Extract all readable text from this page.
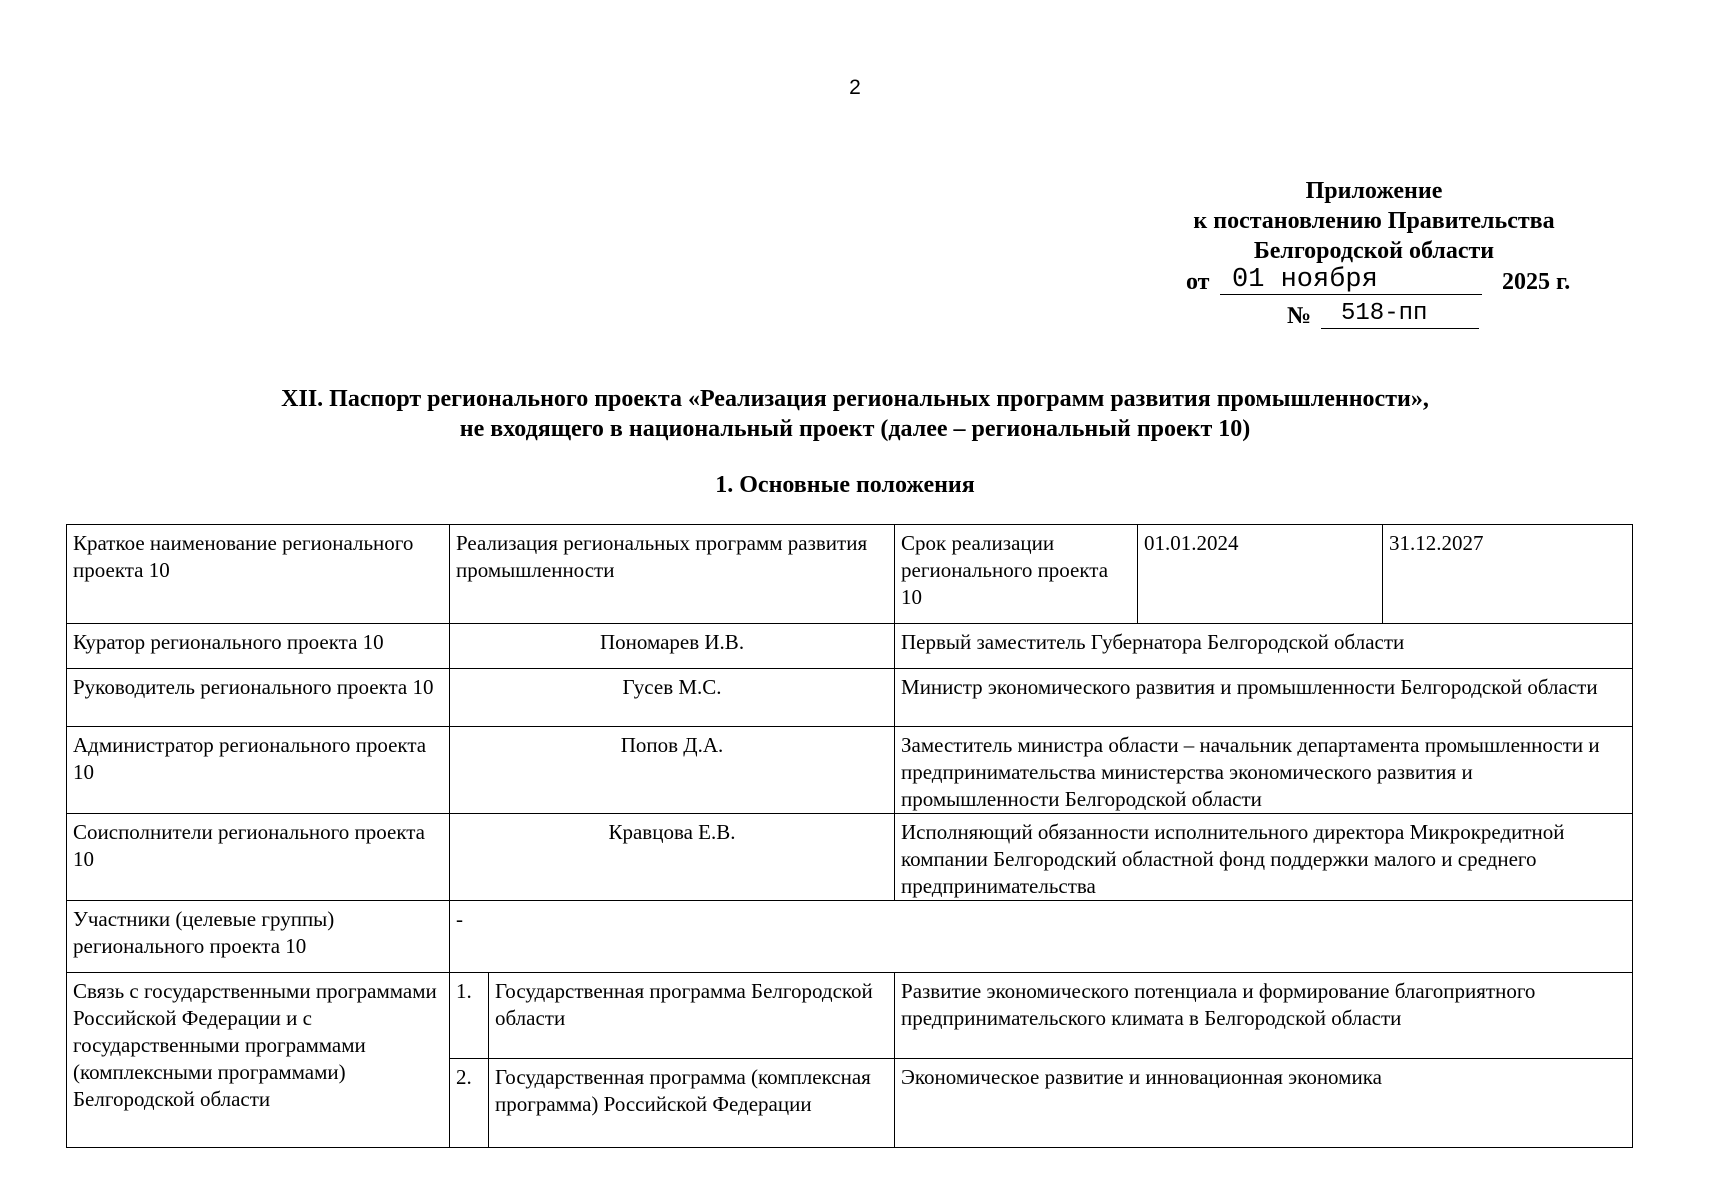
2
Приложение
к постановлению Правительства
Белгородской области
от 01 ноября	2025 г.
№	518-пп
XII. Паспорт регионального проекта «Реализация региональных программ развития промышленности»,
не входящего в национальный проект (далее – региональный проект 10)
1. Основные положения
Краткое наименование регионального проекта 10	Реализация региональных программ развития промышленности		Срок реализации регионального проекта 10	01.01.2024	31.12.2027
Куратор регионального проекта 10	Пономарев И.В.		Первый заместитель Губернатора Белгородской области		
Руководитель регионального проекта 10	Гусев М.С.		Министр экономического развития и промышленности Белгородской области		
Администратор регионального проекта 10	Попов Д.А.		Заместитель министра области – начальник департамента промышленности и предпринимательства министерства экономического развития и промышленности Белгородской области		
Соисполнители регионального проекта 10	Кравцова Е.В.		Исполняющий обязанности исполнительного директора Микрокредитной компании Белгородский областной фонд поддержки малого и среднего предпринимательства		
Участники (целевые группы) регионального проекта 10	-				
Связь с государственными программами Российской Федерации и с государственными программами (комплексными программами) Белгородской области	1.	Государственная программа Белгородской области	Развитие экономического потенциала и формирование благоприятного предпринимательского климата в Белгородской области		
	2.	Государственная программа (комплексная программа) Российской Федерации	Экономическое развитие и инновационная экономика		
